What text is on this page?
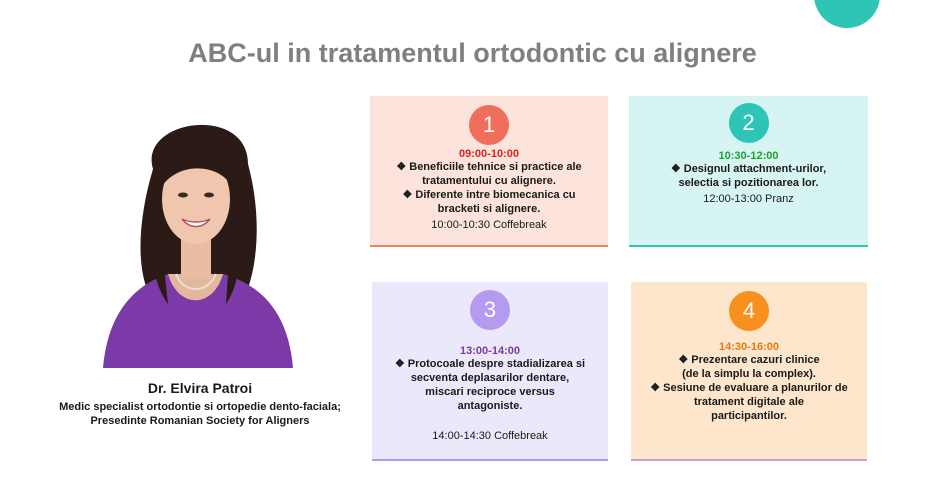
ABC-ul in tratamentul ortodontic cu alignere
Dr. Elvira Patroi
Medic specialist ortodontie si ortopedie dento-faciala;
Presedinte Romanian Society for Aligners
1
09:00-10:00
❖ Beneficiile tehnice si practice ale
tratamentului cu alignere.
❖ Diferente intre biomecanica cu
bracketi si alignere.
10:00-10:30 Coffebreak
2
10:30-12:00
❖ Designul attachment-urilor,
selectia si pozitionarea lor.
12:00-13:00 Pranz
3
13:00-14:00
❖ Protocoale despre stadializarea si
secventa deplasarilor dentare,
miscari reciproce versus
antagoniste.
14:00-14:30 Coffebreak
4
14:30-16:00
❖ Prezentare cazuri clinice
(de la simplu la complex).
❖ Sesiune de evaluare a planurilor de
tratament digitale ale
participantilor.
